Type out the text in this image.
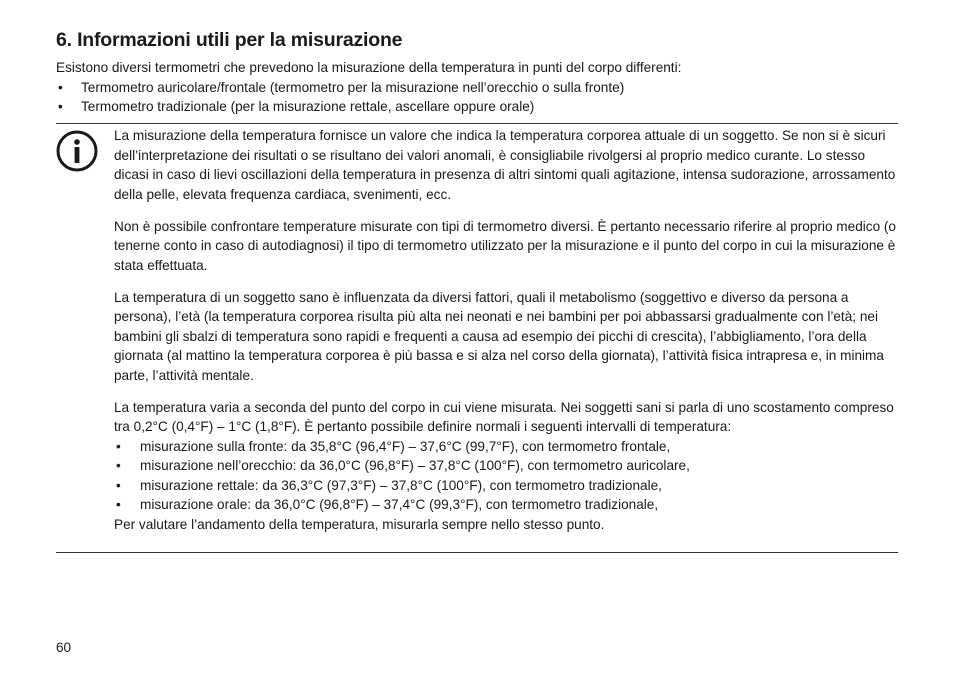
6. Informazioni utili per la misurazione
Esistono diversi termometri che prevedono la misurazione della temperatura in punti del corpo differenti:
• Termometro auricolare/frontale (termometro per la misurazione nell’orecchio o sulla fronte)
• Termometro tradizionale (per la misurazione rettale, ascellare oppure orale)

La misurazione della temperatura fornisce un valore che indica la temperatura corporea attuale di un soggetto. Se non si è sicuri dell’interpretazione dei risultati o se risultano dei valori anomali, è consigliabile rivolgersi al proprio medico curante. Lo stesso dicasi in caso di lievi oscillazioni della temperatura in presenza di altri sintomi quali agitazione, intensa sudorazione, arrossamento della pelle, elevata frequenza cardiaca, svenimenti, ecc.

Non è possibile confrontare temperature misurate con tipi di termometro diversi. È pertanto necessario riferire al proprio medico (o tenerne conto in caso di autodiagnosi) il tipo di termometro utilizzato per la misurazione e il punto del corpo in cui la misurazione è stata effettuata.

La temperatura di un soggetto sano è influenzata da diversi fattori, quali il metabolismo (soggettivo e diverso da persona a persona), l’età (la temperatura corporea risulta più alta nei neonati e nei bambini per poi abbassarsi gradualmente con l’età; nei bambini gli sbalzi di temperatura sono rapidi e frequenti a causa ad esempio dei picchi di crescita), l’abbigliamento, l’ora della giornata (al mattino la temperatura corporea è più bassa e si alza nel corso della giornata), l’attività fisica intrapresa e, in minima parte, l’attività mentale.

La temperatura varia a seconda del punto del corpo in cui viene misurata. Nei soggetti sani si parla di uno scostamento compreso tra 0,2°C (0,4°F) – 1°C (1,8°F). È pertanto possibile definire normali i seguenti intervalli di temperatura:

• misurazione sulla fronte: da 35,8°C (96,4°F) – 37,6°C (99,7°F), con termometro frontale,
• misurazione nell’orecchio: da 36,0°C (96,8°F) – 37,8°C (100°F), con termometro auricolare,
• misurazione rettale: da 36,3°C (97,3°F) – 37,8°C (100°F), con termometro tradizionale,
• misurazione orale: da 36,0°C (96,8°F) – 37,4°C (99,3°F), con termometro tradizionale,
Per valutare l’andamento della temperatura, misurarla sempre nello stesso punto.
60
